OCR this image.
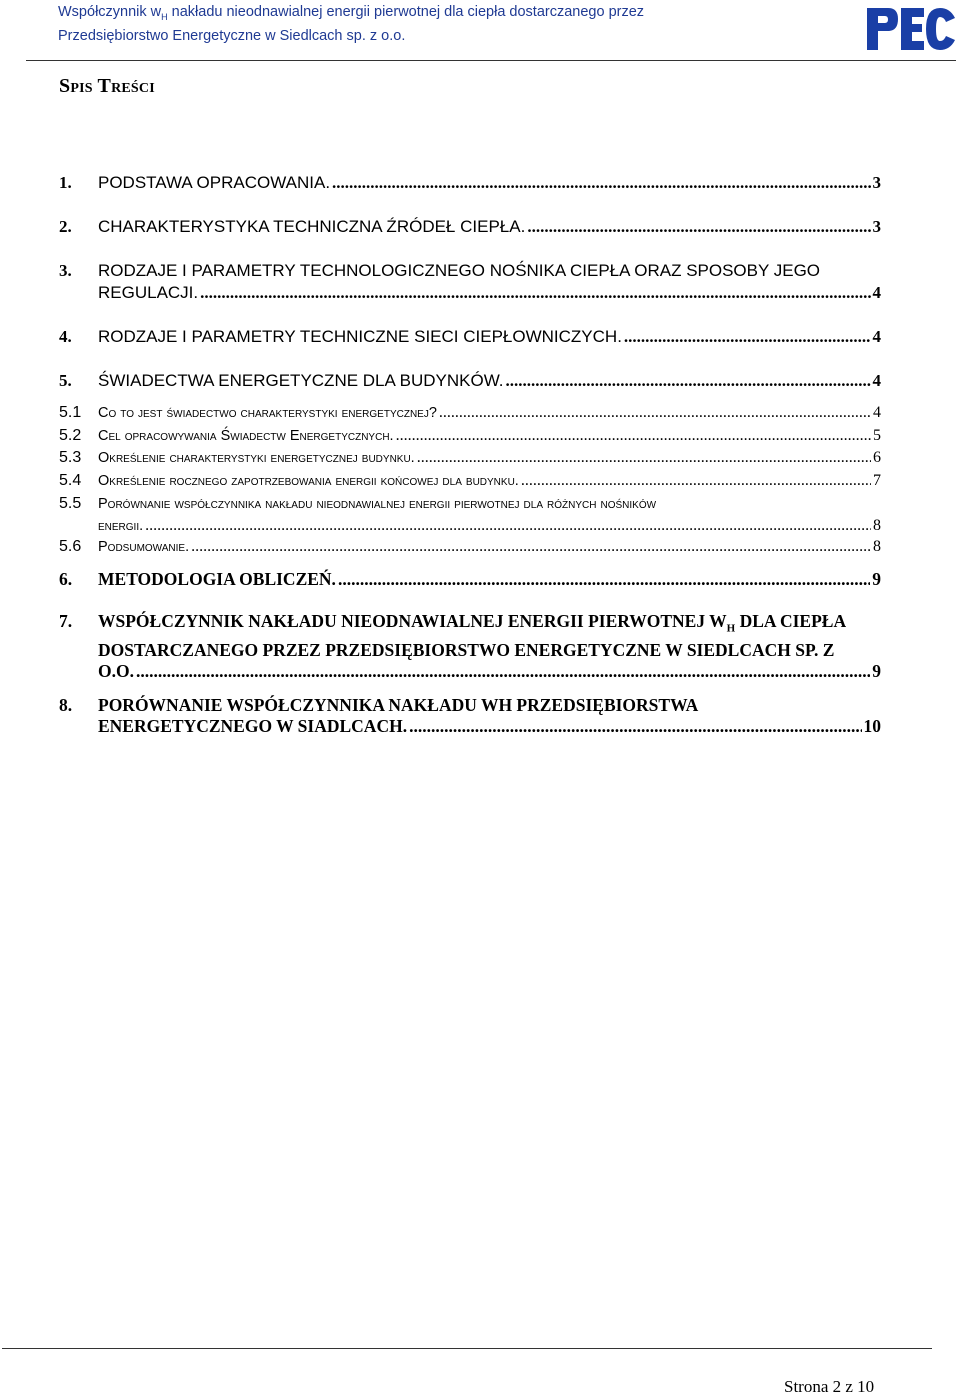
Współczynnik $w_H$ nakładu nieodnawialnej energii pierwotnej dla ciepła dostarczanego przez
Przedsiębiorstwo Energetyczne w Siedlcach sp. z o.o.
Spis Treści
1. PODSTAWA OPRACOWANIA. .....	3
2. CHARAKTERYSTYKA TECHNICZNA ŹRÓDEŁ CIEPŁA. .....	3
3. RODZAJE I PARAMETRY TECHNOLOGICZNEGO NOŚNIKA CIEPŁA ORAZ SPOSOBY JEGO
REGULACJI. .....	4
4. RODZAJE I PARAMETRY TECHNICZNE SIECI CIEPŁOWNICZYCH. .....	4
5. ŚWIADECTWA ENERGETYCZNE DLA BUDYNKÓW. .....	4
5.1 Co to jest świadectwo charakterystyki energetycznej? .....	4
5.2 Cel opracowywania Świadectw Energetycznych. .....	5
5.3 Określenie charakterystyki energetycznej budynku. .....	6
5.4 Określenie rocznego zapotrzebowania energii końcowej dla budynku. .....	7
5.5 Porównanie współczynnika nakładu nieodnawialnej energii pierwotnej dla różnych nośników
energii. .....	8
5.6 Podsumowanie. .....	8
6. METODOLOGIA OBLICZEŃ. .....	9
7. WSPÓŁCZYNNIK NAKŁADU NIEODNAWIALNEJ ENERGII PIERWOTNEJ $W_H$ DLA CIEPŁA
DOSTARCZANEGO PRZEZ PRZEDSIĘBIORSTWO ENERGETYCZNE W SIEDLCACH SP. Z
O.O. .....	9
8. PORÓWNANIE WSPÓŁCZYNNIKA NAKŁADU WH PRZEDSIĘBIORSTWA
ENERGETYCZNEGO W SIADLCACH. .....	10
Strona 2 z 10
